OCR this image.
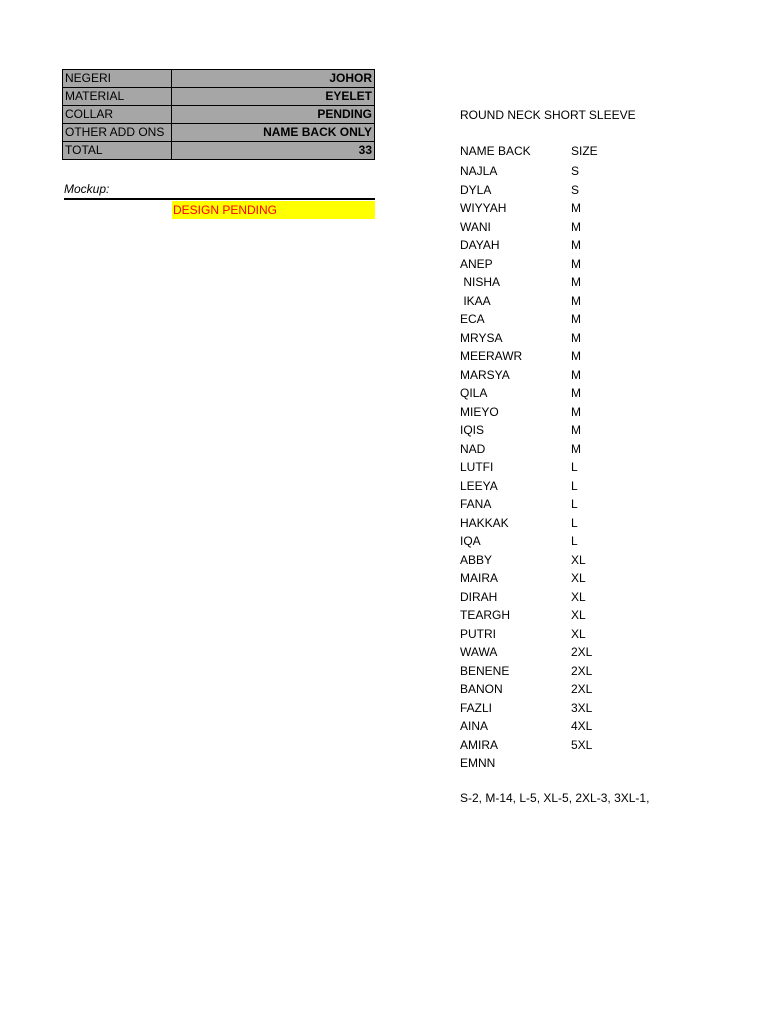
NEGERI	JOHOR
MATERIAL	EYELET
COLLAR	PENDING
OTHER ADD ONS	NAME BACK ONLY
TOTAL	33
Mockup:
DESIGN PENDING
ROUND NECK SHORT SLEEVE
NAME BACK	SIZE
NAJLA	S
DYLA	S
WIYYAH	M
WANI	M
DAYAH	M
ANEP	M
NISHA	M
IKAA	M
ECA	M
MRYSA	M
MEERAWR	M
MARSYA	M
QILA	M
MIEYO	M
IQIS	M
NAD	M
LUTFI	L
LEEYA	L
FANA	L
HAKKAK	L
IQA	L
ABBY	XL
MAIRA	XL
DIRAH	XL
TEARGH	XL
PUTRI	XL
WAWA	2XL
BENENE	2XL
BANON	2XL
FAZLI	3XL
AINA	4XL
AMIRA	5XL
EMNN
S-2, M-14, L-5, XL-5, 2XL-3, 3XL-1,
